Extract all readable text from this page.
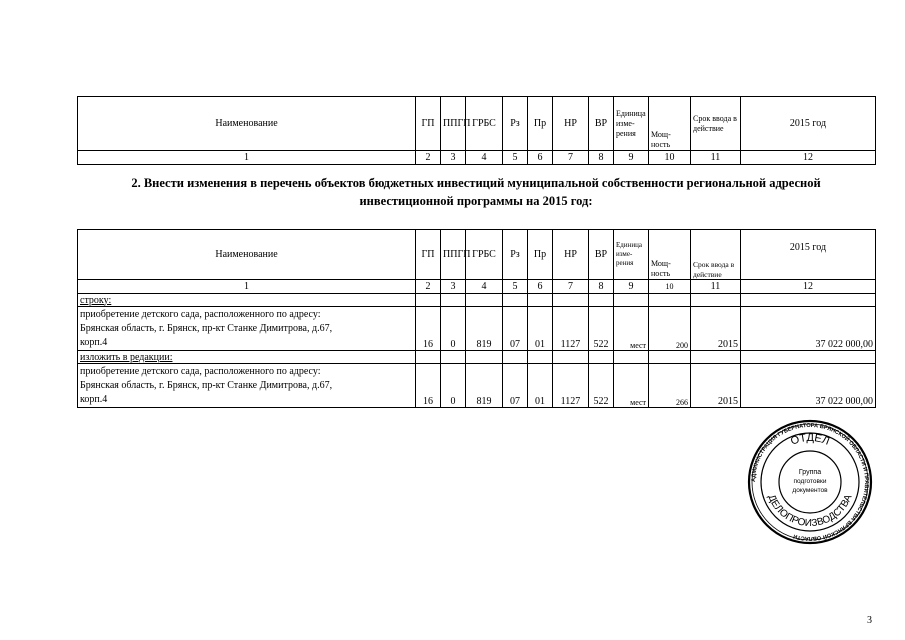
Наименование	ГП	ППГП	ГРБС	Рз	Пр	НР	ВР	Единица изме-рения	Мощ-ность	Срок ввода в действие	2015 год
1	2	3	4	5	6	7	8	9	10	11	12
2. Внести изменения в перечень объектов бюджетных инвестиций муниципальной собственности региональной адресной
инвестиционной программы на 2015 год:
Наименование	ГП	ППГП	ГРБС	Рз	Пр	НР	ВР	Единица изме-рения	Мощ-ность	Срок ввода в действие	2015 год
1	2	3	4	5	6	7	8	9	10	11	12
строку:											

приобретение детского сада, расположенного по адресу:
Брянская область, г. Брянск, пр-кт Станке Димитрова, д.67,
корп.4	16	0	819	07	01	1127	522	мест	200	2015	37 022 000,00
изложить в редакции:											

приобретение детского сада, расположенного по адресу:
Брянская область, г. Брянск, пр-кт Станке Димитрова, д.67,
корп.4	16	0	819	07	01	1127	522	мест	266	2015	37 022 000,00
АДМИНИСТРАЦИЯ ГУБЕРНАТОРА БРЯНСКОЙ ОБЛАСТИ И ПРАВИТЕЛЬСТВА БРЯНСКОЙ ОБЛАСТИ
ОТДЕЛ
ДЕЛОПРОИЗВОДСТВА
Группа
подготовки
документов
3
